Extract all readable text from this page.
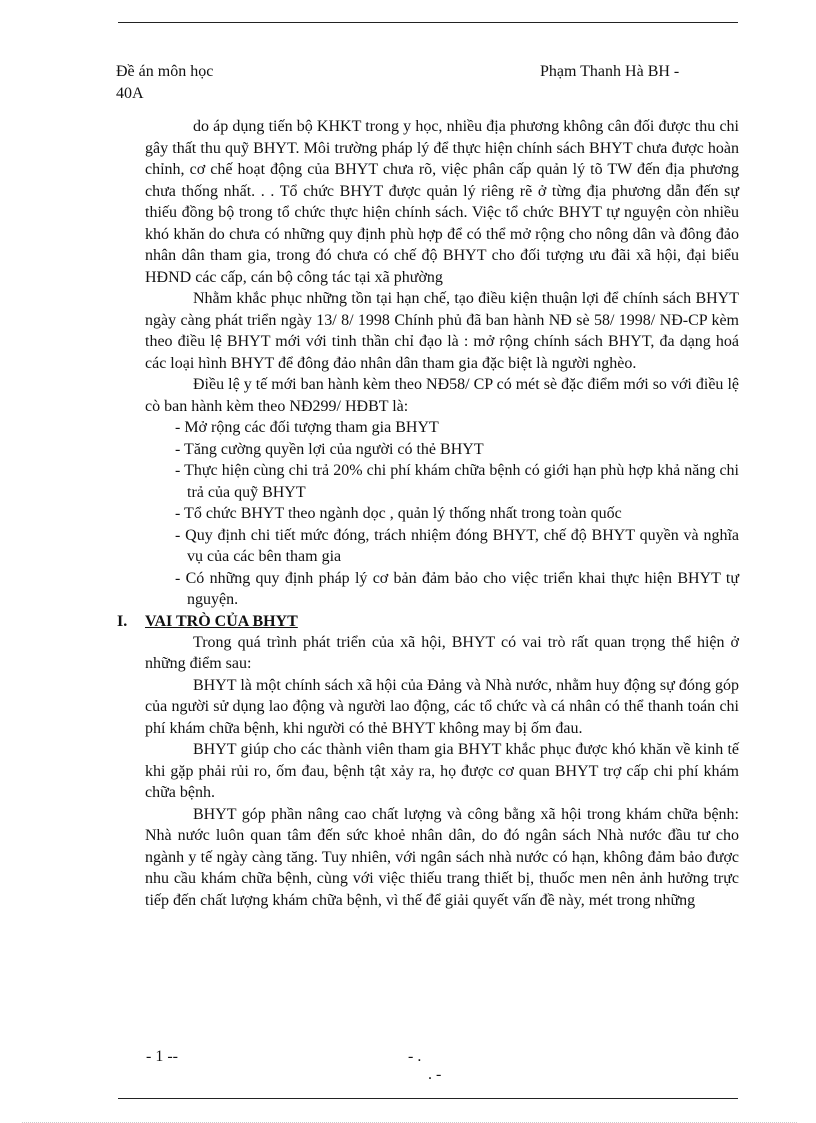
Đề án môn học	Phạm Thanh Hà BH -
40A

do áp dụng tiến bộ KHKT trong y học, nhiều địa phương không cân đối được thu chi gây thất thu quỹ BHYT. Môi trường pháp lý để thực hiện chính sách BHYT chưa được hoàn chỉnh, cơ chế hoạt động của BHYT chưa rõ, việc phân cấp quản lý tõ TW đến địa phương chưa thống nhất. . . Tổ chức BHYT được quản lý riêng rẽ ở từng địa phương dẫn đến sự thiếu đồng bộ trong tổ chức thực hiện chính sách. Việc tổ chức BHYT tự nguyện còn nhiều khó khăn do chưa có những quy định phù hợp để có thể mở rộng cho nông dân và đông đảo nhân dân tham gia, trong đó chưa có chế độ BHYT cho đối tượng ưu đãi xã hội, đại biểu HĐND các cấp, cán bộ công tác tại xã phường

Nhằm khắc phục những tồn tại hạn chế, tạo điều kiện thuận lợi để chính sách BHYT ngày càng phát triển ngày 13/ 8/ 1998 Chính phủ đã ban hành NĐ sè 58/ 1998/ NĐ-CP kèm theo điều lệ BHYT mới với tinh thần chỉ đạo là : mở rộng chính sách BHYT, đa dạng hoá các loại hình BHYT để đông đảo nhân dân tham gia đặc biệt là người nghèo.

Điều lệ y tế mới ban hành kèm theo NĐ58/ CP có mét sè đặc điểm mới so với điều lệ cò ban hành kèm theo NĐ299/ HĐBT là:

- Mở rộng các đối tượng tham gia BHYT
- Tăng cường quyền lợi của người có thẻ BHYT
- Thực hiện cùng chi trả 20% chi phí khám chữa bệnh có giới hạn phù hợp khả năng chi trả của quỹ BHYT
- Tổ chức BHYT theo ngành dọc , quản lý thống nhất trong toàn quốc
- Quy định chi tiết mức đóng, trách nhiệm đóng BHYT, chế độ BHYT quyền và nghĩa vụ của các bên tham gia
- Có những quy định pháp lý cơ bản đảm bảo cho việc triển khai thực hiện BHYT tự nguyện.
I. VAI TRÒ CỦA BHYT

Trong quá trình phát triển của xã hội, BHYT có vai trò rất quan trọng thể hiện ở những điểm sau:

BHYT là một chính sách xã hội của Đảng và Nhà nước, nhằm huy động sự đóng góp của người sử dụng lao động và người lao động, các tổ chức và cá nhân có thể thanh toán chi phí khám chữa bệnh, khi người có thẻ BHYT không may bị ốm đau.

BHYT giúp cho các thành viên tham gia BHYT khắc phục được khó khăn về kinh tế khi gặp phải rủi ro, ốm đau, bệnh tật xảy ra, họ được cơ quan BHYT trợ cấp chi phí khám chữa bệnh.

BHYT góp phần nâng cao chất lượng và công bằng xã hội trong khám chữa bệnh: Nhà nước luôn quan tâm đến sức khoẻ nhân dân, do đó ngân sách Nhà nước đầu tư cho ngành y tế ngày càng tăng. Tuy nhiên, với ngân sách nhà nước có hạn, không đảm bảo được nhu cầu khám chữa bệnh, cùng với việc thiếu trang thiết bị, thuốc men nên ảnh hưởng trực tiếp đến chất lượng khám chữa bệnh, vì thế để giải quyết vấn đề này, mét trong những

- 1 --	- .
. -
